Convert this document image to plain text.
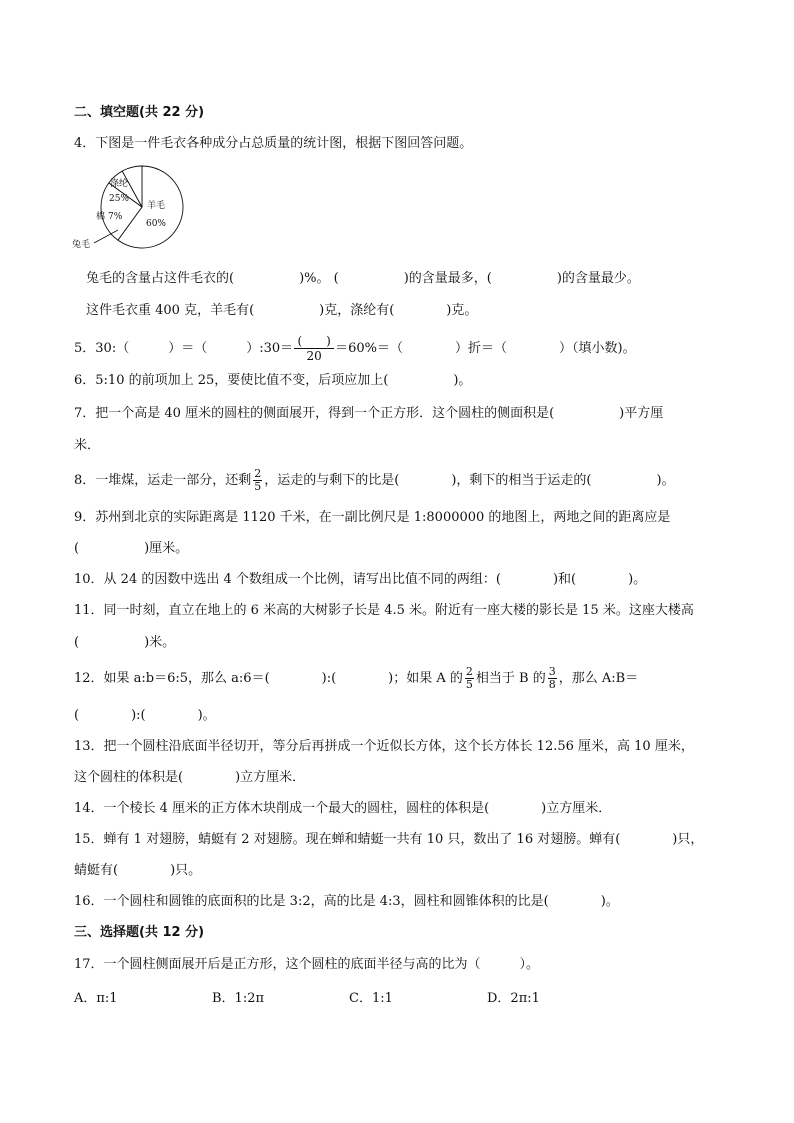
二、填空题(共 22 分)
4．下图是一件毛衣各种成分占总质量的统计图，根据下图回答问题。
羊毛
60%
涤纶
25%
棉 7%
兔毛
兔毛的含量占这件毛衣的(　　　　　)%。 (　　　　　)的含量最多，(　　　　　)的含量最少。
这件毛衣重 400 克，羊毛有(　　　　　)克，涤纶有(　　　　)克。
5．30:（　　　）＝（　　　）:30＝ $\frac{( )}{20} =60\%=$（　　　　）折＝（　　　　）（填小数)。
6．5:10 的前项加上 25，要使比值不变，后项应加上(　　　　　)。
7．把一个高是 40 厘米的圆柱的侧面展开，得到一个正方形．这个圆柱的侧面积是(　　　　　)平方厘
米．
8．一堆煤，运走一部分，还剩 $\frac{2}{5}$ ，运走的与剩下的比是(　　　　)，剩下的相当于运走的(　　　　　)。
9．苏州到北京的实际距离是 1120 千米，在一副比例尺是 1:8000000 的地图上，两地之间的距离应是
(　　　　　)厘米。
10．从 24 的因数中选出 4 个数组成一个比例，请写出比值不同的两组：(　　　　)和(　　　　)。
11．同一时刻，直立在地上的 6 米高的大树影子长是 4.5 米。附近有一座大楼的影长是 15 米。这座大楼高
(　　　　　)米。
12．如果 a:b＝6:5，那么 a:6＝(　　　　):(　　　　)；如果 A 的 $\frac{2}{5}$ 相当于 B 的 $\frac{3}{8}$ ，那么 A:B＝
(　　　　):(　　　　)。
13．把一个圆柱沿底面半径切开，等分后再拼成一个近似长方体，这个长方体长 12.56 厘米，高 10 厘米，
这个圆柱的体积是(　　　　)立方厘米．
14．一个棱长 4 厘米的正方体木块削成一个最大的圆柱，圆柱的体积是(　　　　)立方厘米．
15．蝉有 1 对翅膀，蜻蜓有 2 对翅膀。现在蝉和蜻蜓一共有 10 只，数出了 16 对翅膀。蝉有(　　　　)只，
蜻蜓有(　　　　)只。
16．一个圆柱和圆锥的底面积的比是 3:2，高的比是 4:3，圆柱和圆锥体积的比是(　　　　)。
三、选择题(共 12 分)
17．一个圆柱侧面展开后是正方形，这个圆柱的底面半径与高的比为（　　　）。
A．π:1	B．1:2π	C．1:1	D．2π:1
